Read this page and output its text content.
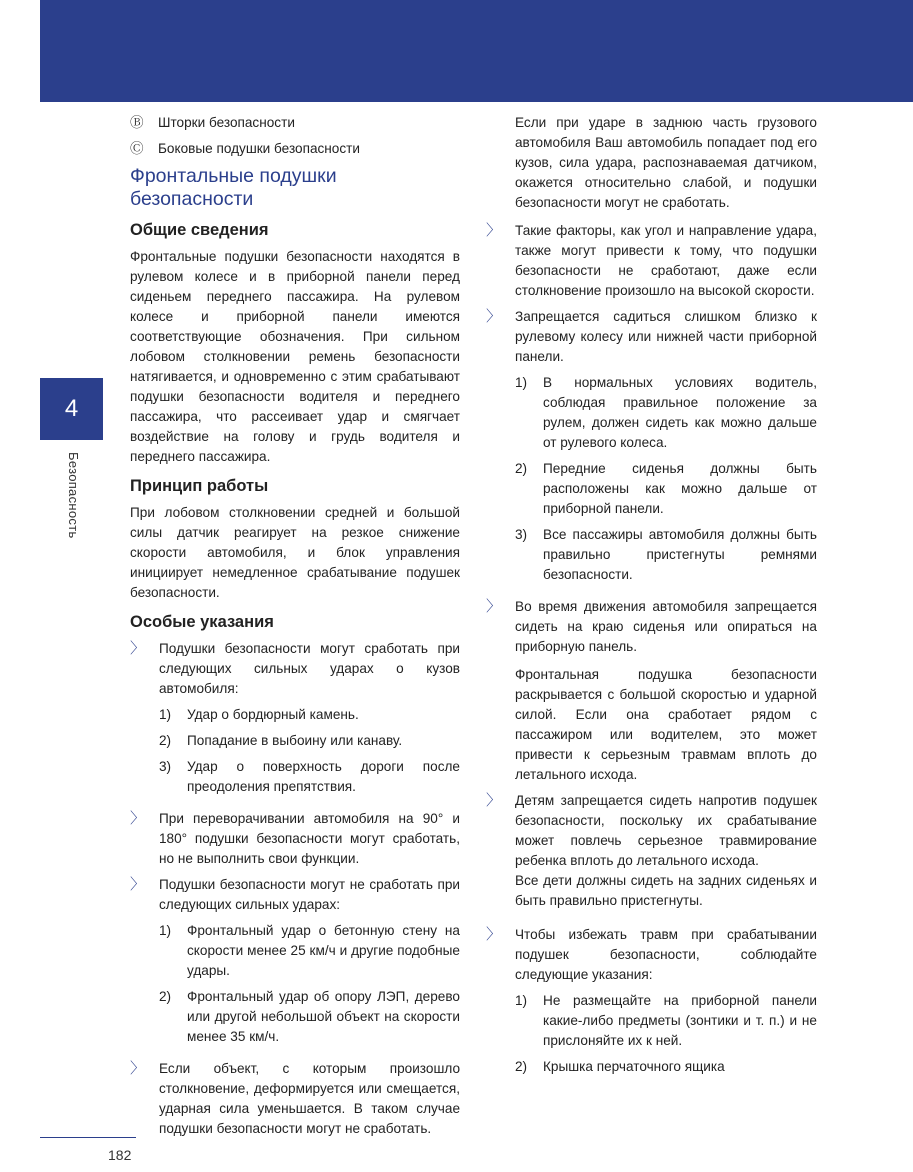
4
Безопасность
182
Ⓑ	Шторки безопасности
Ⓒ	Боковые подушки безопасности
Фронтальные подушки безопасности
Общие сведения

Фронтальные подушки безопасности находятся в рулевом колесе и в приборной панели перед сиденьем переднего пассажира. На рулевом колесе и приборной панели имеются соответствующие обозначения. При сильном лобовом столкновении ремень безопасности натягивается, и одновременно с этим срабатывают подушки безопасности водителя и переднего пассажира, что рассеивает удар и смягчает воздействие на голову и грудь водителя и переднего пассажира.

Принцип работы

При лобовом столкновении средней и большой силы датчик реагирует на резкое снижение скорости автомобиля, и блок управления инициирует немедленное срабатывание подушек безопасности.

Особые указания
〉	Подушки безопасности могут сработать при следующих сильных ударах о кузов автомобиля:

1)	Удар о бордюрный камень.
2)	Попадание в выбоину или канаву.
3)	Удар о поверхность дороги после преодоления препятствия.
〉	При переворачивании автомобиля на 90° и 180° подушки безопасности могут сработать, но не выполнить свои функции.

〉	Подушки безопасности могут не сработать при следующих сильных ударах:

1)	Фронтальный удар о бетонную стену на скорости менее 25 км/ч и другие подобные удары.
2)	Фронтальный удар об опору ЛЭП, дерево или другой небольшой объект на скорости менее 35 км/ч.
〉	Если объект, с которым произошло столкновение, деформируется или смещается, ударная сила уменьшается. В таком случае подушки безопасности могут не сработать.

Если при ударе в заднюю часть грузового автомобиля Ваш автомобиль попадает под его кузов, сила удара, распознаваемая датчиком, окажется относительно слабой, и подушки безопасности могут не сработать.

〉	Такие факторы, как угол и направление удара, также могут привести к тому, что подушки безопасности не сработают, даже если столкновение произошло на высокой скорости.

〉	Запрещается садиться слишком близко к рулевому колесу или нижней части приборной панели.

1)	В нормальных условиях водитель, соблюдая правильное положение за рулем, должен сидеть как можно дальше от рулевого колеса.
2)	Передние сиденья должны быть расположены как можно дальше от приборной панели.
3)	Все пассажиры автомобиля должны быть правильно пристегнуты ремнями безопасности.
〉	Во время движения автомобиля запрещается сидеть на краю сиденья или опираться на приборную панель.

Фронтальная подушка безопасности раскрывается с большой скоростью и ударной силой. Если она сработает рядом с пассажиром или водителем, это может привести к серьезным травмам вплоть до летального исхода.

〉	Детям запрещается сидеть напротив подушек безопасности, поскольку их срабатывание может повлечь серьезное травмирование ребенка вплоть до летального исхода.

Все дети должны сидеть на задних сиденьях и быть правильно пристегнуты.

〉	Чтобы избежать травм при срабатывании подушек безопасности, соблюдайте следующие указания:

1)	Не размещайте на приборной панели какие-либо предметы (зонтики и т. п.) и не прислоняйте их к ней.
2)	Крышка перчаточного ящика
